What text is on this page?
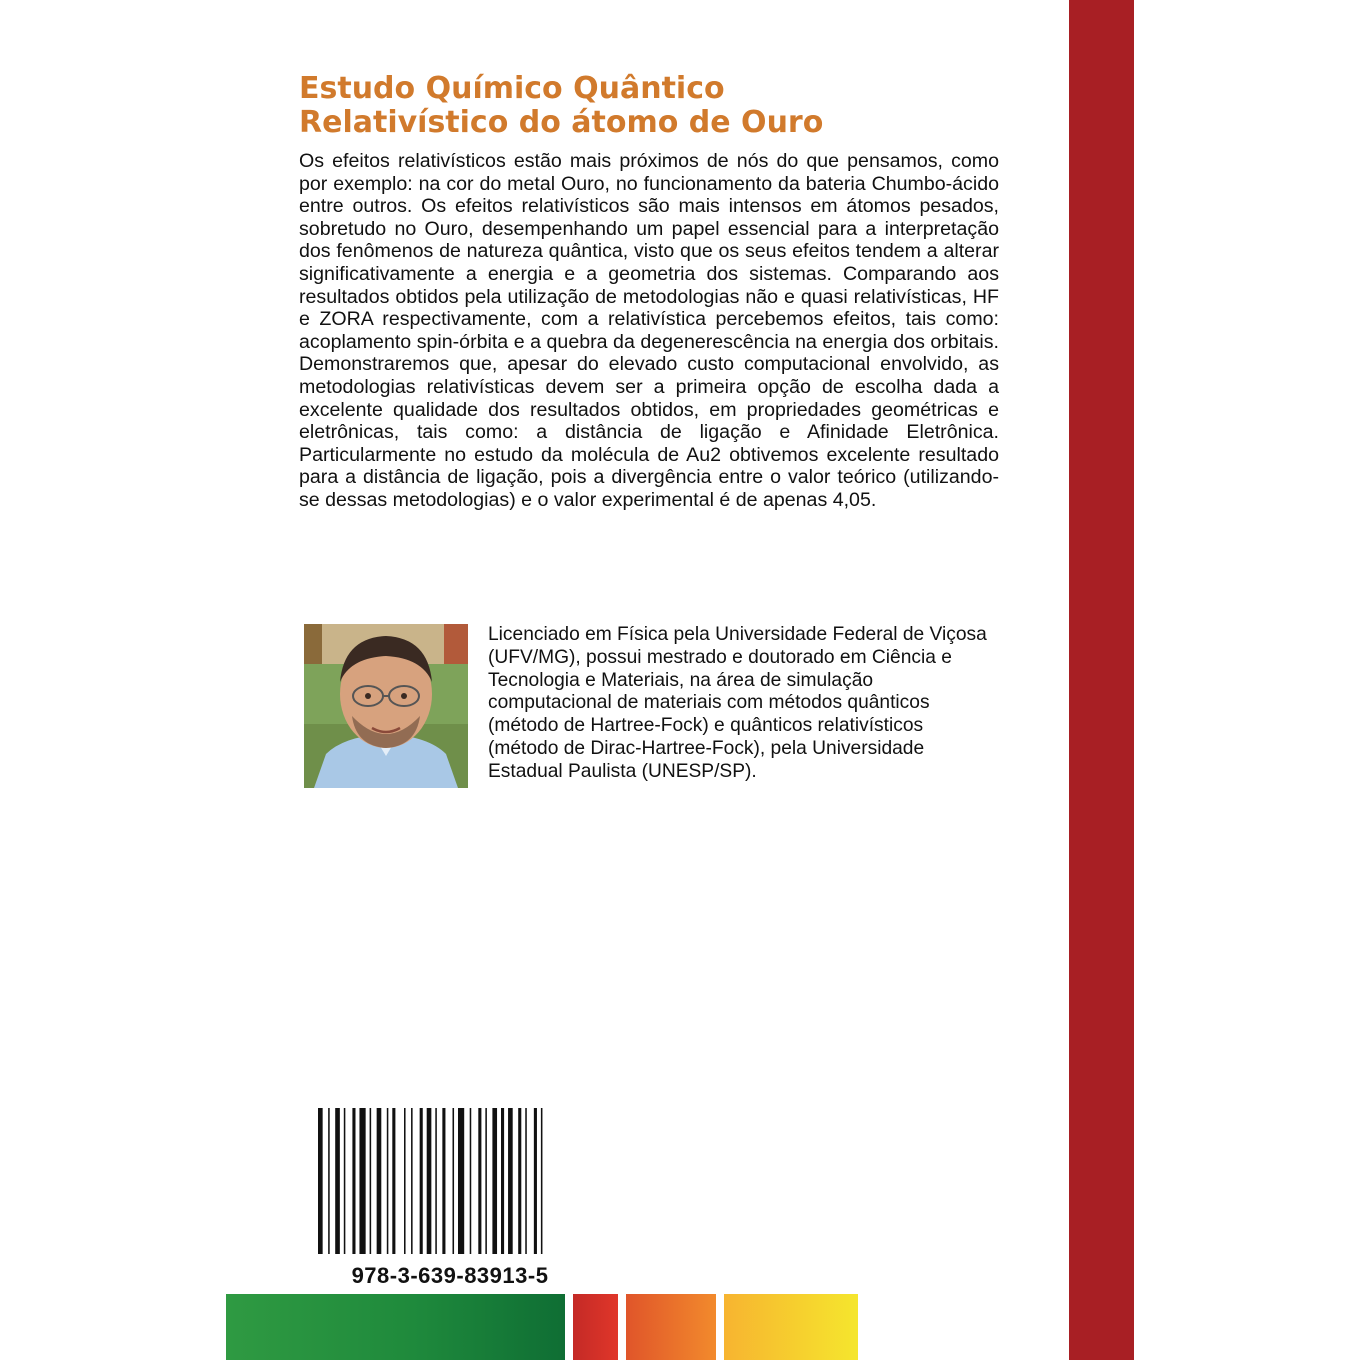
Estudo Químico Quântico
Relativístico do átomo de Ouro

Os efeitos relativísticos estão mais próximos de nós do que pensamos, como por exemplo: na cor do metal Ouro, no funcionamento da bateria Chumbo-ácido entre outros. Os efeitos relativísticos são mais intensos em átomos pesados, sobretudo no Ouro, desempenhando um papel essencial para a interpretação dos fenômenos de natureza quântica, visto que os seus efeitos tendem a alterar significativamente a energia e a geometria dos sistemas. Comparando aos resultados obtidos pela utilização de metodologias não e quasi relativísticas, HF e ZORA respectivamente, com a relativística percebemos efeitos, tais como: acoplamento spin-órbita e a quebra da degenerescência na energia dos orbitais. Demonstraremos que, apesar do elevado custo computacional envolvido, as metodologias relativísticas devem ser a primeira opção de escolha dada a excelente qualidade dos resultados obtidos, em propriedades geométricas e eletrônicas, tais como: a distância de ligação e Afinidade Eletrônica. Particularmente no estudo da molécula de Au2 obtivemos excelente resultado para a distância de ligação, pois a divergência entre o valor teórico (utilizando-se dessas metodologias) e o valor experimental é de apenas 4,05.

Licenciado em Física pela Universidade Federal de Viçosa (UFV/MG), possui mestrado e doutorado em Ciência e Tecnologia e Materiais, na área de simulação computacional de materiais com métodos quânticos (método de Hartree-Fock) e quânticos relativísticos (método de Dirac-Hartree-Fock), pela Universidade Estadual Paulista (UNESP/SP).

978-3-639-83913-5
